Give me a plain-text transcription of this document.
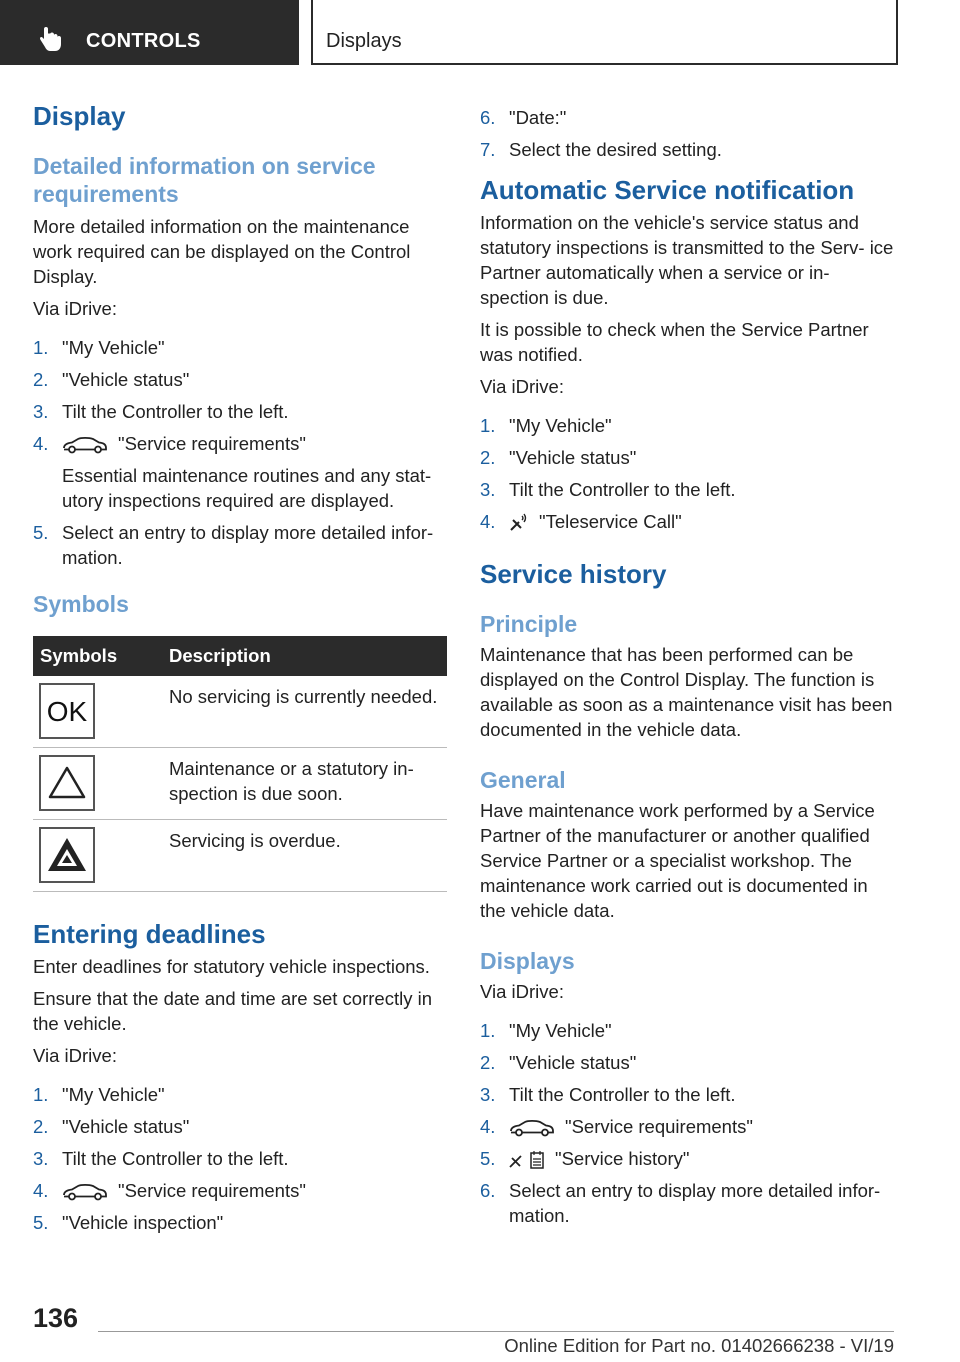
CONTROLS	Displays
Display
Detailed information on service requirements

More detailed information on the maintenance work required can be displayed on the Control Display.

Via iDrive:

1. "My Vehicle"
2. "Vehicle status"
3. Tilt the Controller to the left.
4.	"Service requirements"
Essential maintenance routines and any stat- utory inspections required are displayed.
5. Select an entry to display more detailed infor- mation.
Symbols
Symbols	Description

OK	No servicing is currently needed.

	Maintenance or a statutory in- spection is due soon.

	Servicing is overdue.
Entering deadlines

Enter deadlines for statutory vehicle inspections.

Ensure that the date and time are set correctly in the vehicle.

Via iDrive:

1. "My Vehicle"
2. "Vehicle status"
3. Tilt the Controller to the left.
4.	"Service requirements"
5. "Vehicle inspection"
6. "Date:"
7. Select the desired setting.
Automatic Service notification

Information on the vehicle's service status and statutory inspections is transmitted to the Serv- ice Partner automatically when a service or in- spection is due.

It is possible to check when the Service Partner was notified.

Via iDrive:

1. "My Vehicle"
2. "Vehicle status"
3. Tilt the Controller to the left.
4. "Teleservice Call"
Service history
Principle

Maintenance that has been performed can be displayed on the Control Display. The function is available as soon as a maintenance visit has been documented in the vehicle data.

General

Have maintenance work performed by a Service Partner of the manufacturer or another qualified Service Partner or a specialist workshop. The maintenance work carried out is documented in the vehicle data.

Displays

Via iDrive:

1. "My Vehicle"
2. "Vehicle status"
3. Tilt the Controller to the left.
4.	"Service requirements"
5.	"Service history"
6. Select an entry to display more detailed infor- mation.
136
Online Edition for Part no. 01402666238 - VI/19
